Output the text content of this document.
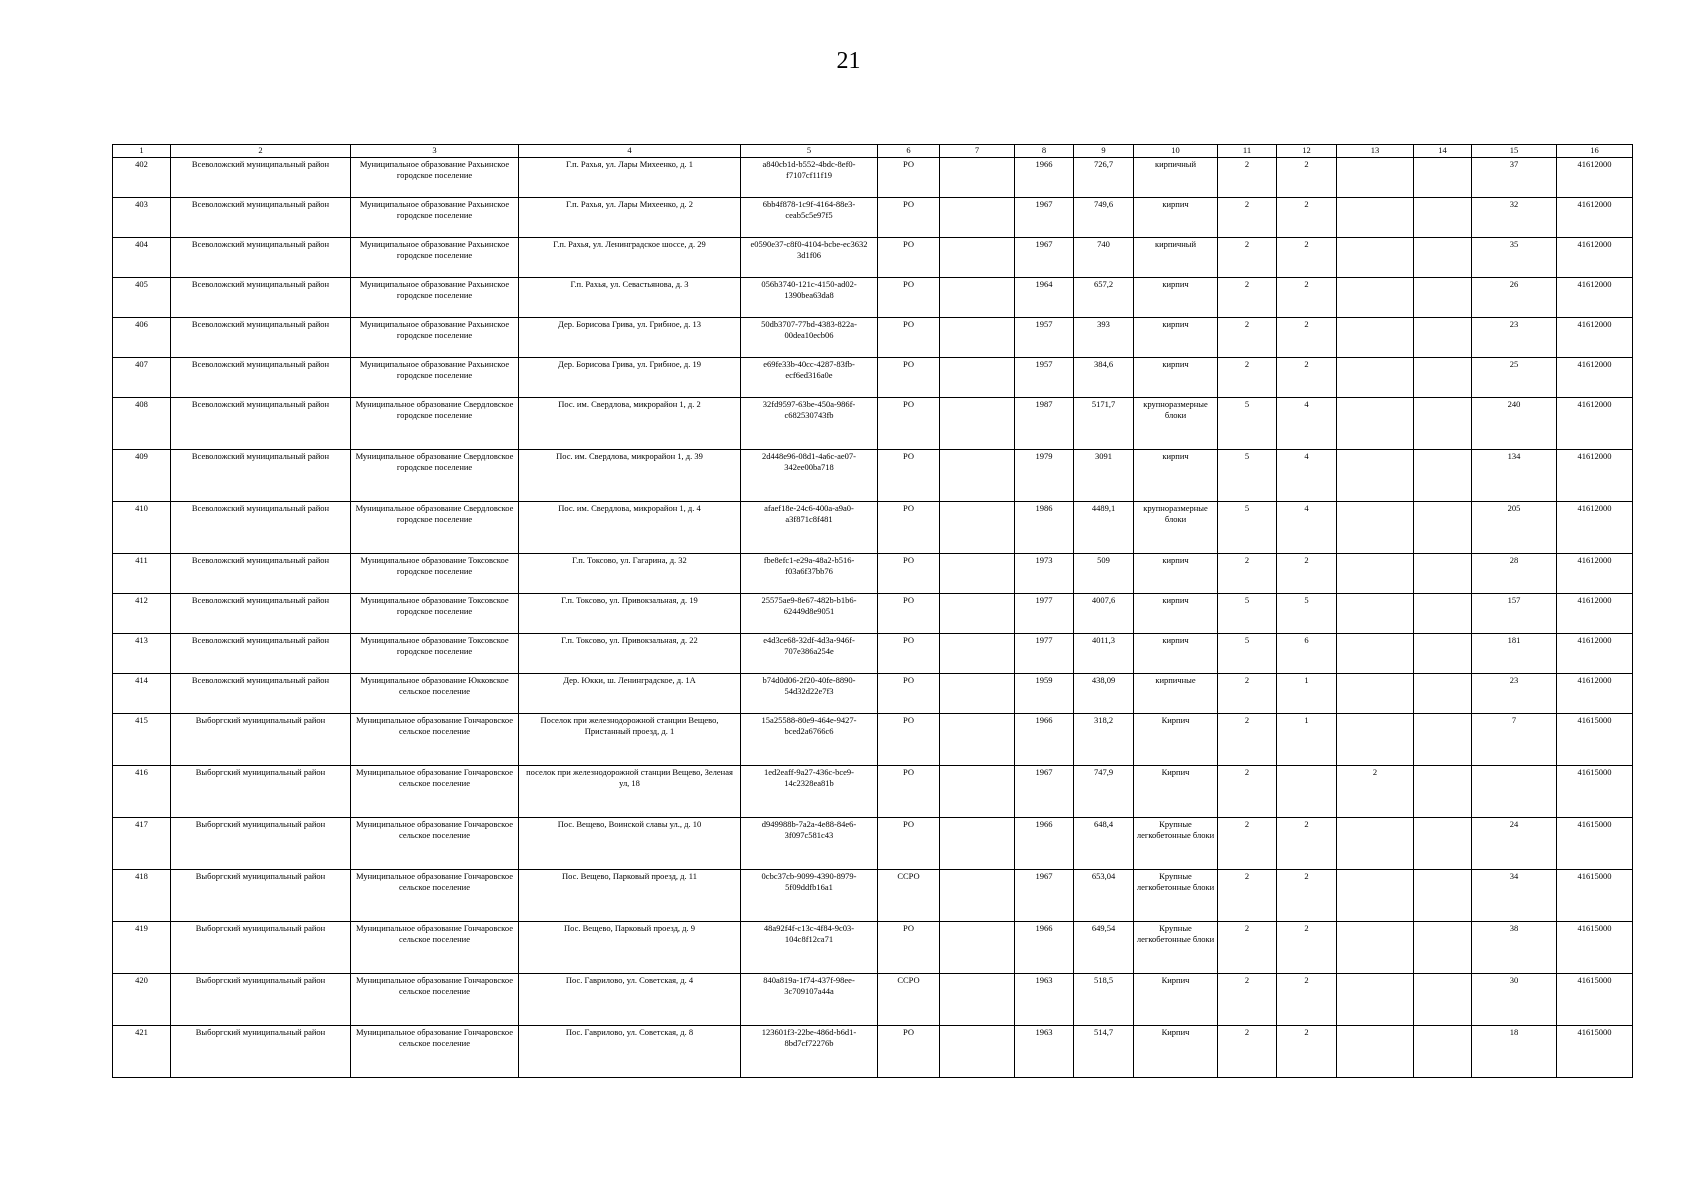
21
1	2	3	4	5	6	7	8	9	10	11	12	13	14	15	16
402	Всеволожский муниципальный район	Муниципальное образование Рахьинское городское поселение	Г.п. Рахья, ул. Лары Михеенко, д. 1	a840cb1d-b552-4bdc-8ef0-f7107cf11f19	РО		1966	726,7	кирпичный	2	2			37	41612000
403	Всеволожский муниципальный район	Муниципальное образование Рахьинское городское поселение	Г.п. Рахья, ул. Лары Михеенко, д. 2	6bb4f878-1c9f-4164-88e3-ceab5c5e97f5	РО		1967	749,6	кирпич	2	2			32	41612000
404	Всеволожский муниципальный район	Муниципальное образование Рахьинское городское поселение	Г.п. Рахья, ул. Ленинградское шоссе, д. 29	e0590e37-c8f0-4104-bcbe-ec3632 3d1f06	РО		1967	740	кирпичный	2	2			35	41612000
405	Всеволожский муниципальный район	Муниципальное образование Рахьинское городское поселение	Г.п. Рахья, ул. Севастьянова, д. 3	056b3740-121c-4150-ad02-1390bea63da8	РО		1964	657,2	кирпич	2	2			26	41612000
406	Всеволожский муниципальный район	Муниципальное образование Рахьинское городское поселение	Дер. Борисова Грива, ул. Грибное, д. 13	50db3707-77bd-4383-822a-00dea10ecb06	РО		1957	393	кирпич	2	2			23	41612000
407	Всеволожский муниципальный район	Муниципальное образование Рахьинское городское поселение	Дер. Борисова Грива, ул. Грибное, д. 19	e69fe33b-40cc-4287-83fb-ecf6ed316a0e	РО		1957	384,6	кирпич	2	2			25	41612000
408	Всеволожский муниципальный район	Муниципальное образование Свердловское городское поселение	Пос. им. Свердлова, микрорайон 1, д. 2	32fd9597-63be-450a-986f-c682530743fb	РО		1987	5171,7	крупноразмерные блоки	5	4			240	41612000
409	Всеволожский муниципальный район	Муниципальное образование Свердловское городское поселение	Пос. им. Свердлова, микрорайон 1, д. 39	2d448e96-08d1-4a6c-ae07-342ee00ba718	РО		1979	3091	кирпич	5	4			134	41612000
410	Всеволожский муниципальный район	Муниципальное образование Свердловское городское поселение	Пос. им. Свердлова, микрорайон 1, д. 4	afaef18e-24c6-400a-a9a0-a3f871c8f481	РО		1986	4489,1	крупноразмерные блоки	5	4			205	41612000
411	Всеволожский муниципальный район	Муниципальное образование Токсовское городское поселение	Г.п. Токсово, ул. Гагарина, д. 32	fbe8efc1-e29a-48a2-b516-f03a6f37bb76	РО		1973	509	кирпич	2	2			28	41612000
412	Всеволожский муниципальный район	Муниципальное образование Токсовское городское поселение	Г.п. Токсово, ул. Привокзальная, д. 19	25575ae9-8e67-482b-b1b6-62449d8e9051	РО		1977	4007,6	кирпич	5	5			157	41612000
413	Всеволожский муниципальный район	Муниципальное образование Токсовское городское поселение	Г.п. Токсово, ул. Привокзальная, д. 22	e4d3ce68-32df-4d3a-946f-707e386a254e	РО		1977	4011,3	кирпич	5	6			181	41612000
414	Всеволожский муниципальный район	Муниципальное образование Юкковское сельское поселение	Дер. Юкки, ш. Ленинградское, д. 1А	b74d0d06-2f20-40fe-8890-54d32d22e7f3	РО		1959	438,09	кирпичные	2	1			23	41612000
415	Выборгский муниципальный район	Муниципальное образование Гончаровское сельское поселение	Поселок при железнодорожной станции Вещево, Пристанный проезд, д. 1	15a25588-80e9-464e-9427-bced2a6766c6	РО		1966	318,2	Кирпич	2	1			7	41615000
416	Выборгский муниципальный район	Муниципальное образование Гончаровское сельское поселение	поселок при железнодорожной станции Вещево, Зеленая ул, 18	1ed2eaff-9a27-436c-bce9-14c2328ea81b	РО		1967	747,9	Кирпич	2		2			41615000
417	Выборгский муниципальный район	Муниципальное образование Гончаровское сельское поселение	Пос. Вещево, Воинской славы ул., д. 10	d949988b-7a2a-4e88-84e6-3f097c581c43	РО		1966	648,4	Крупные легкобетонные блоки	2	2			24	41615000
418	Выборгский муниципальный район	Муниципальное образование Гончаровское сельское поселение	Пос. Вещево, Парковый проезд, д. 11	0cbc37cb-9099-4390-8979-5f09ddfb16a1	ССРО		1967	653,04	Крупные легкобетонные блоки	2	2			34	41615000
419	Выборгский муниципальный район	Муниципальное образование Гончаровское сельское поселение	Пос. Вещево, Парковый проезд, д. 9	48a92f4f-c13c-4f84-9c03-104c8f12ca71	РО		1966	649,54	Крупные легкобетонные блоки	2	2			38	41615000
420	Выборгский муниципальный район	Муниципальное образование Гончаровское сельское поселение	Пос. Гаврилово, ул. Советская, д. 4	840a819a-1f74-437f-98ee-3c709107a44a	ССРО		1963	518,5	Кирпич	2	2			30	41615000
421	Выборгский муниципальный район	Муниципальное образование Гончаровское сельское поселение	Пос. Гаврилово, ул. Советская, д. 8	123601f3-22be-486d-b6d1-8bd7cf72276b	РО		1963	514,7	Кирпич	2	2			18	41615000
